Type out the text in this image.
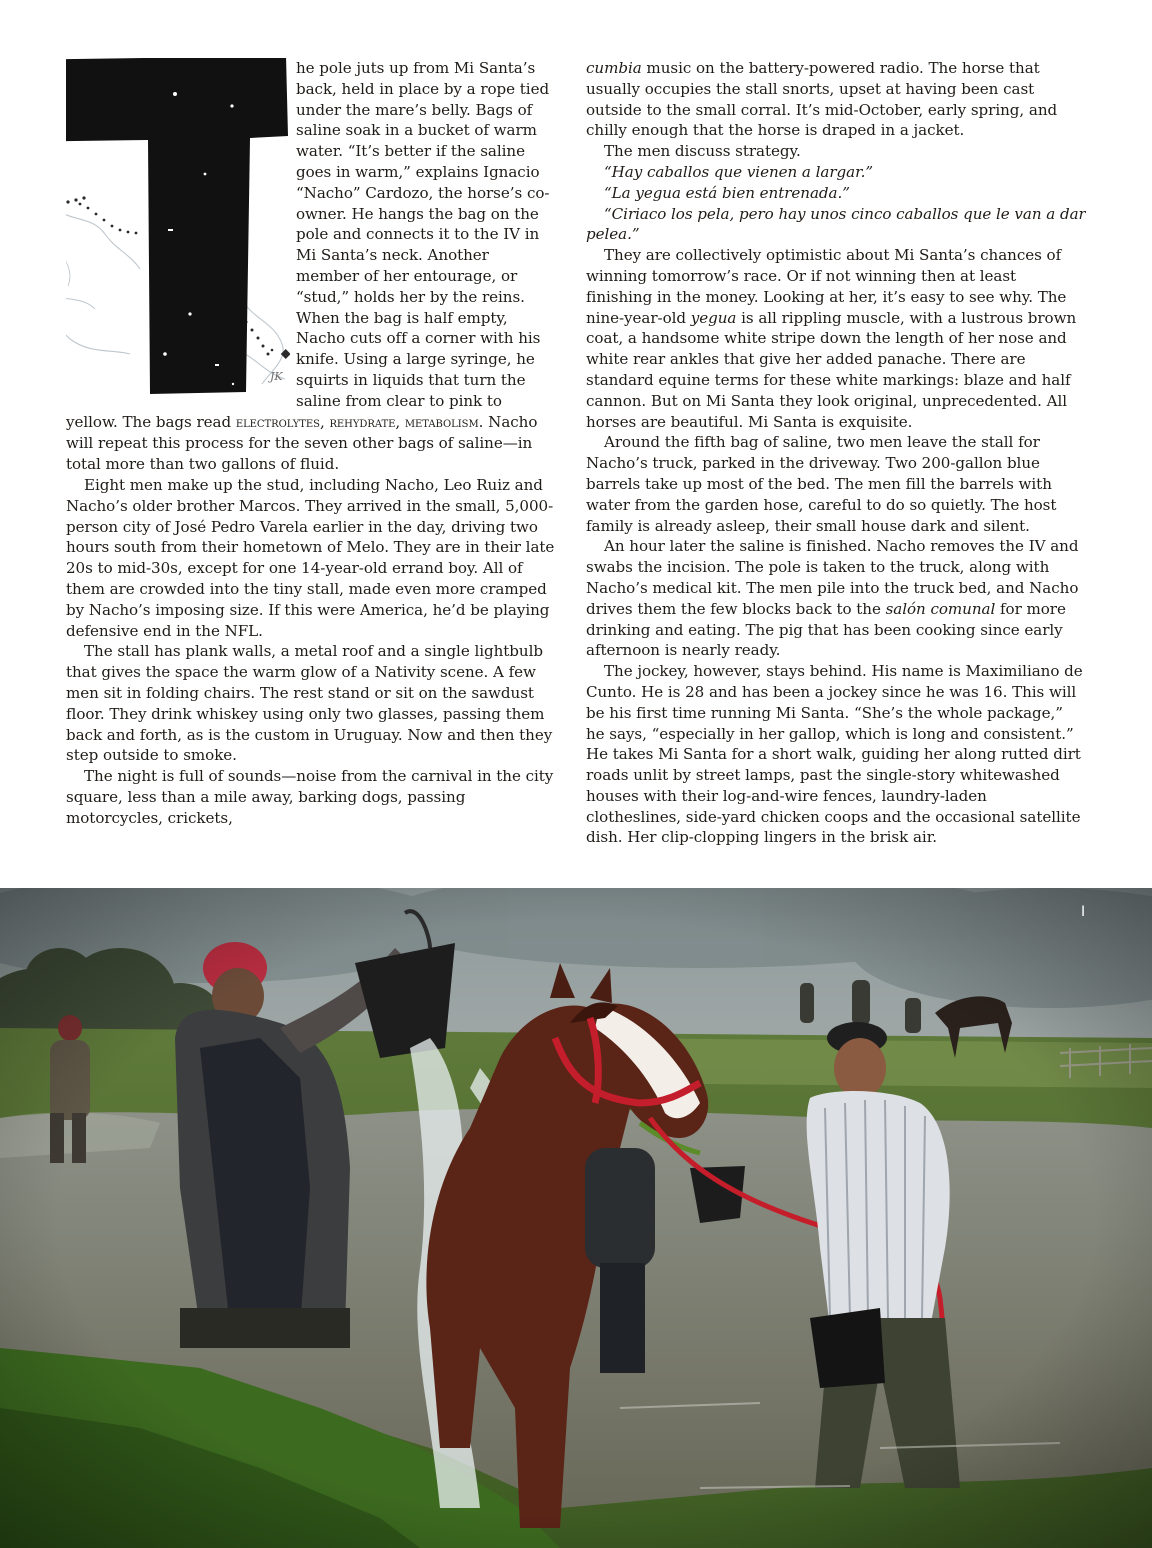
JK

he pole juts up from Mi Santa’s back, held in place by a rope tied under the mare’s belly. Bags of saline soak in a bucket of warm water. “It’s better if the saline goes in warm,” explains Ignacio “Nacho” Cardozo, the horse’s co-owner. He hangs the bag on the pole and connects it to the IV in Mi Santa’s neck. Another member of her entourage, or “stud,” holds her by the reins. When the bag is half empty, Nacho cuts off a corner with his knife. Using a large syringe, he squirts in liquids that turn the saline from clear to pink to yellow. The bags read electrolytes, rehydrate, metabolism. Nacho will repeat this process for the seven other bags of saline—in total more than two gallons of fluid.

Eight men make up the stud, including Nacho, Leo Ruiz and Nacho’s older brother Marcos. They arrived in the small, 5,000-person city of José Pedro Varela earlier in the day, driving two hours south from their hometown of Melo. They are in their late 20s to mid-30s, except for one 14-year-old errand boy. All of them are crowded into the tiny stall, made even more cramped by Nacho’s imposing size. If this were America, he’d be playing defensive end in the NFL.

The stall has plank walls, a metal roof and a single lightbulb that gives the space the warm glow of a Nativity scene. A few men sit in folding chairs. The rest stand or sit on the sawdust floor. They drink whiskey using only two glasses, passing them back and forth, as is the custom in Uruguay. Now and then they step outside to smoke.

The night is full of sounds—noise from the carnival in the city square, less than a mile away, barking dogs, passing motorcycles, crickets,

cumbia music on the battery-powered radio. The horse that usually occupies the stall snorts, upset at having been cast outside to the small corral. It’s mid-October, early spring, and chilly enough that the horse is draped in a jacket.

The men discuss strategy.

“Hay caballos que vienen a largar.”

“La yegua está bien entrenada.”

“Ciriaco los pela, pero hay unos cinco caballos que le van a dar pelea.”

They are collectively optimistic about Mi Santa’s chances of winning tomorrow’s race. Or if not winning then at least finishing in the money. Looking at her, it’s easy to see why. The nine-year-old yegua is all rippling muscle, with a lustrous brown coat, a handsome white stripe down the length of her nose and white rear ankles that give her added panache. There are standard equine terms for these white markings: blaze and half cannon. But on Mi Santa they look original, unprecedented. All horses are beautiful. Mi Santa is exquisite.

Around the fifth bag of saline, two men leave the stall for Nacho’s truck, parked in the driveway. Two 200-gallon blue barrels take up most of the bed. The men fill the barrels with water from the garden hose, careful to do so quietly. The host family is already asleep, their small house dark and silent.

An hour later the saline is finished. Nacho removes the IV and swabs the incision. The pole is taken to the truck, along with Nacho’s medical kit. The men pile into the truck bed, and Nacho drives them the few blocks back to the salón comunal for more drinking and eating. The pig that has been cooking since early afternoon is nearly ready.

The jockey, however, stays behind. His name is Maximiliano de Cunto. He is 28 and has been a jockey since he was 16. This will be his first time running Mi Santa. “She’s the whole package,” he says, “especially in her gallop, which is long and consistent.” He takes Mi Santa for a short walk, guiding her along rutted dirt roads unlit by street lamps, past the single-story whitewashed houses with their log-and-wire fences, laundry-laden clotheslines, side-yard chicken coops and the occasional satellite dish. Her clip-clopping lingers in the brisk air.

I
